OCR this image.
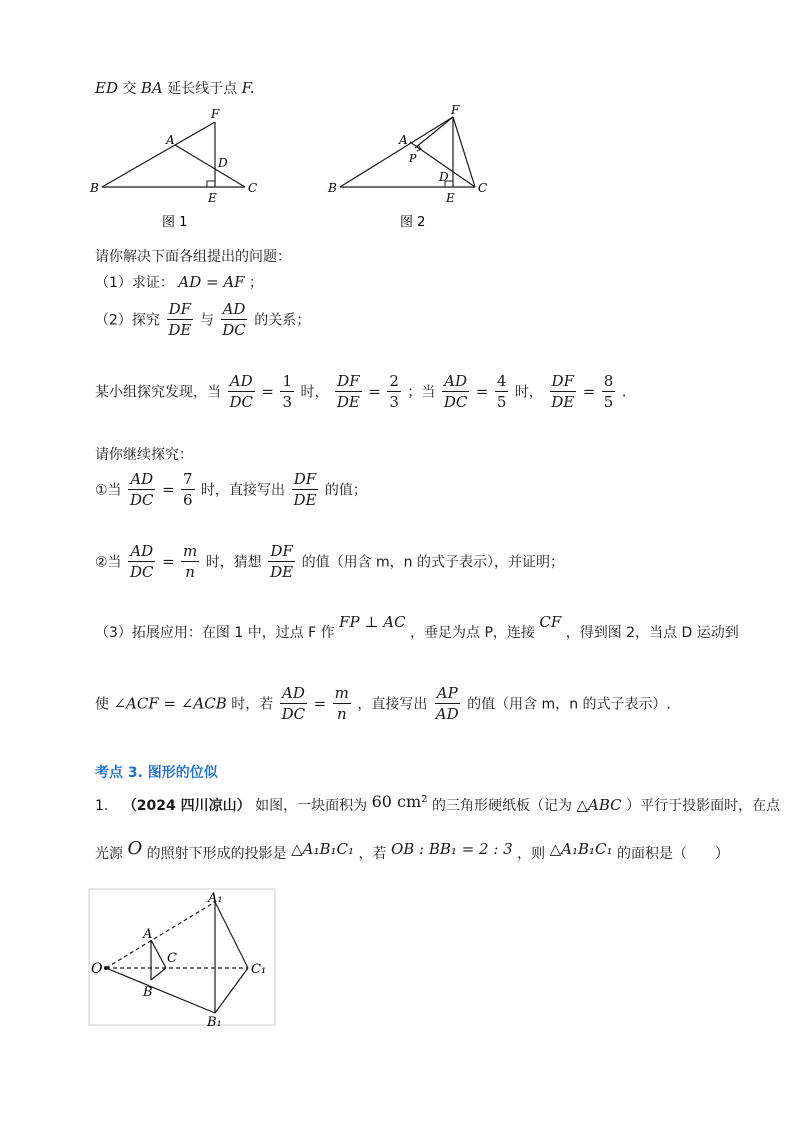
ED 交 BA 延长线于点 F.
A
B	C
D
E
F
图 1
A
P
B	C
D
E
F
图 2
请你解决下面各组提出的问题：
（1）求证： AD = AF ；
（2）探究 $\frac{DF}{DE}$ 与 $\frac{AD}{DC}$ 的关系；
某小组探究发现，当 $\frac{AD}{DC} = \frac{1}{3}$ 时， $\frac{DF}{DE} = \frac{2}{3}$ ；当 $\frac{AD}{DC} = \frac{4}{5}$ 时， $\frac{DF}{DE} = \frac{8}{5}$ .
请你继续探究：
①当 $\frac{AD}{DC} = \frac{7}{6}$ 时，直接写出 $\frac{DF}{DE}$ 的值；
②当 $\frac{AD}{DC} = \frac{m}{n}$ 时，猜想 $\frac{DF}{DE}$ 的值（用含 m，n 的式子表示），并证明；
（3）拓展应用：在图 1 中，过点 F 作 FP ⊥ AC ，垂足为点 P，连接 CF ，得到图 2，当点 D 运动到
使 ∠ACF = ∠ACB 时，若 $\frac{AD}{DC} = \frac{m}{n}$ ，直接写出 $\frac{AP}{AD}$ 的值（用含 m，n 的式子表示）.
考点 3. 图形的位似
1. （2024 四川凉山） 如图，一块面积为 60 cm² 的三角形硬纸板（记为 △ABC ）平行于投影面时，在点
光源 O 的照射下形成的投影是 △A₁B₁C₁ ，若 OB : BB₁ = 2 : 3 ，则 △A₁B₁C₁ 的面积是（　　）
O
A
B
C
A₁
B₁
C₁
